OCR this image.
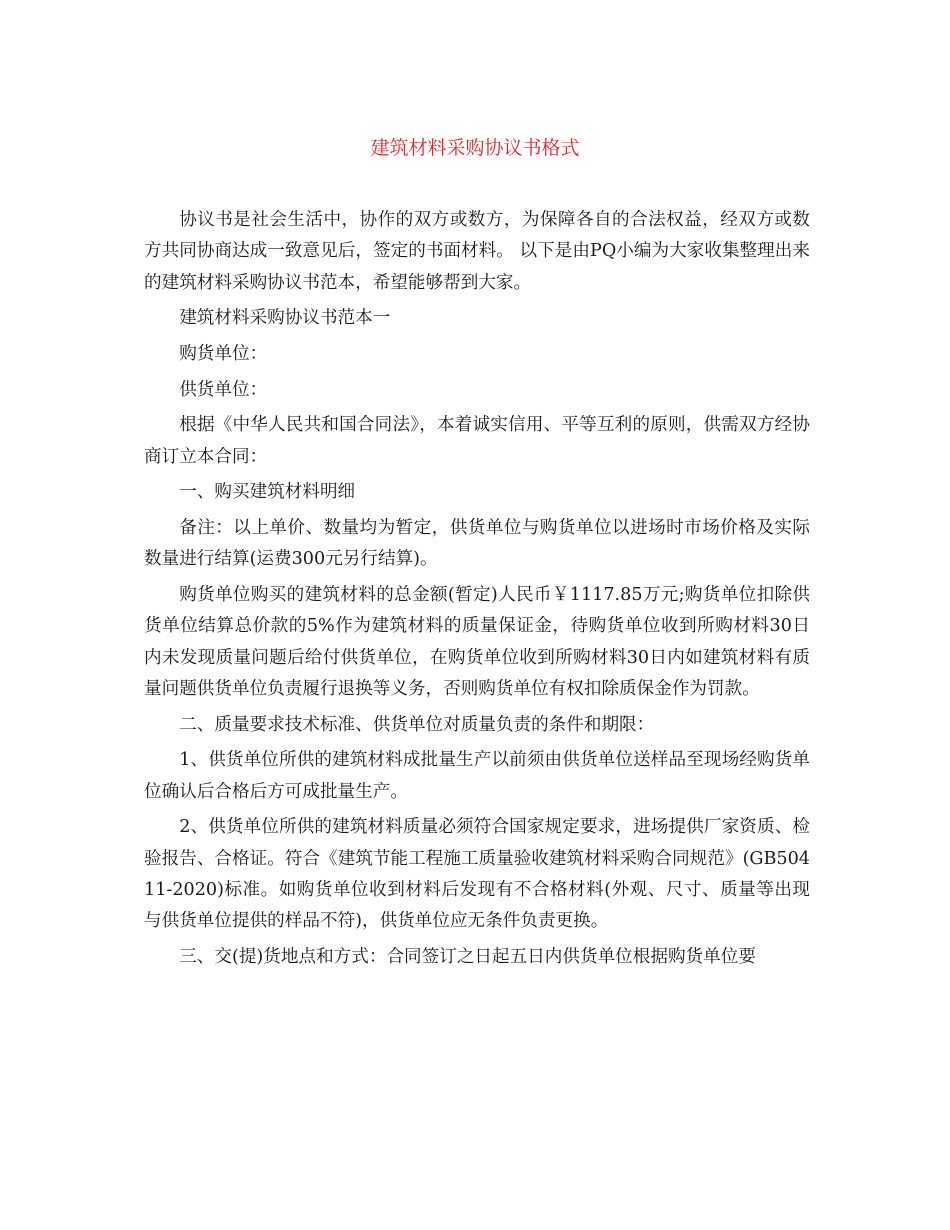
建筑材料采购协议书格式

协议书是社会生活中，协作的双方或数方，为保障各自的合法权益，经双方或数方共同协商达成一致意见后，签定的书面材料。 以下是由PQ小编为大家收集整理出来的建筑材料采购协议书范本，希望能够帮到大家。

建筑材料采购协议书范本一

购货单位：

供货单位：

根据《中华人民共和国合同法》，本着诚实信用、平等互利的原则，供需双方经协商订立本合同：

一、购买建筑材料明细

备注：以上单价、数量均为暂定，供货单位与购货单位以进场时市场价格及实际数量进行结算(运费300元另行结算)。

购货单位购买的建筑材料的总金额(暂定)人民币￥1117.85万元;购货单位扣除供货单位结算总价款的5%作为建筑材料的质量保证金，待购货单位收到所购材料30日内未发现质量问题后给付供货单位，在购货单位收到所购材料30日内如建筑材料有质量问题供货单位负责履行退换等义务，否则购货单位有权扣除质保金作为罚款。

二、质量要求技术标准、供货单位对质量负责的条件和期限：

1、供货单位所供的建筑材料成批量生产以前须由供货单位送样品至现场经购货单位确认后合格后方可成批量生产。

2、供货单位所供的建筑材料质量必须符合国家规定要求，进场提供厂家资质、检验报告、合格证。符合《建筑节能工程施工质量验收建筑材料采购合同规范》(GB50411-2020)标准。如购货单位收到材料后发现有不合格材料(外观、尺寸、质量等出现与供货单位提供的样品不符)，供货单位应无条件负责更换。

三、交(提)货地点和方式：合同签订之日起五日内供货单位根据购货单位要
